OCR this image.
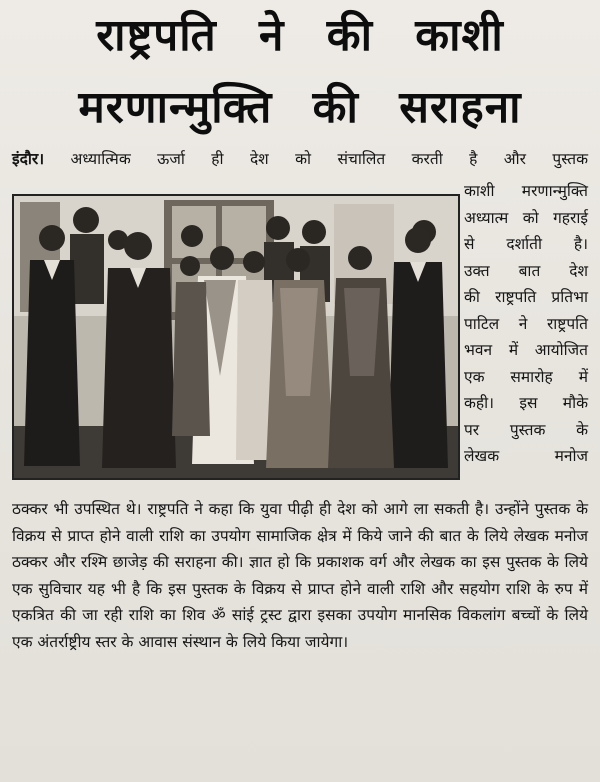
राष्ट्रपति ने की काशी
मरणान्मुक्ति की सराहना
इंदौर। अध्यात्मिक ऊर्जा ही देश को संचालित करती है और पुस्तक
काशी मरणान्मुक्ति
अध्यात्म को गहराई
से दर्शाती है।
उक्त बात देश
की राष्ट्रपति प्रतिभा
पाटिल ने राष्ट्रपति
भवन में आयोजित
एक समारोह में
कही। इस मौके
पर पुस्तक के
लेखक मनोज
ठक्कर भी उपस्थित थे। राष्ट्रपति ने कहा कि युवा पीढ़ी ही देश को आगे ला सकती है। उन्होंने पुस्तक के विक्रय से प्राप्त होने वाली राशि का उपयोग सामाजिक क्षेत्र में किये जाने की बात के लिये लेखक मनोज ठक्कर और रश्मि छाजेड़ की सराहना की। ज्ञात हो कि प्रकाशक वर्ग और लेखक का इस पुस्तक के लिये एक सुविचार यह भी है कि इस पुस्तक के विक्रय से प्राप्त होने वाली राशि और सहयोग राशि के रुप में एकत्रित की जा रही राशि का शिव ॐ सांई ट्रस्ट द्वारा इसका उपयोग मानसिक विकलांग बच्चों के लिये एक अंतर्राष्ट्रीय स्तर के आवास संस्थान के लिये किया जायेगा।
